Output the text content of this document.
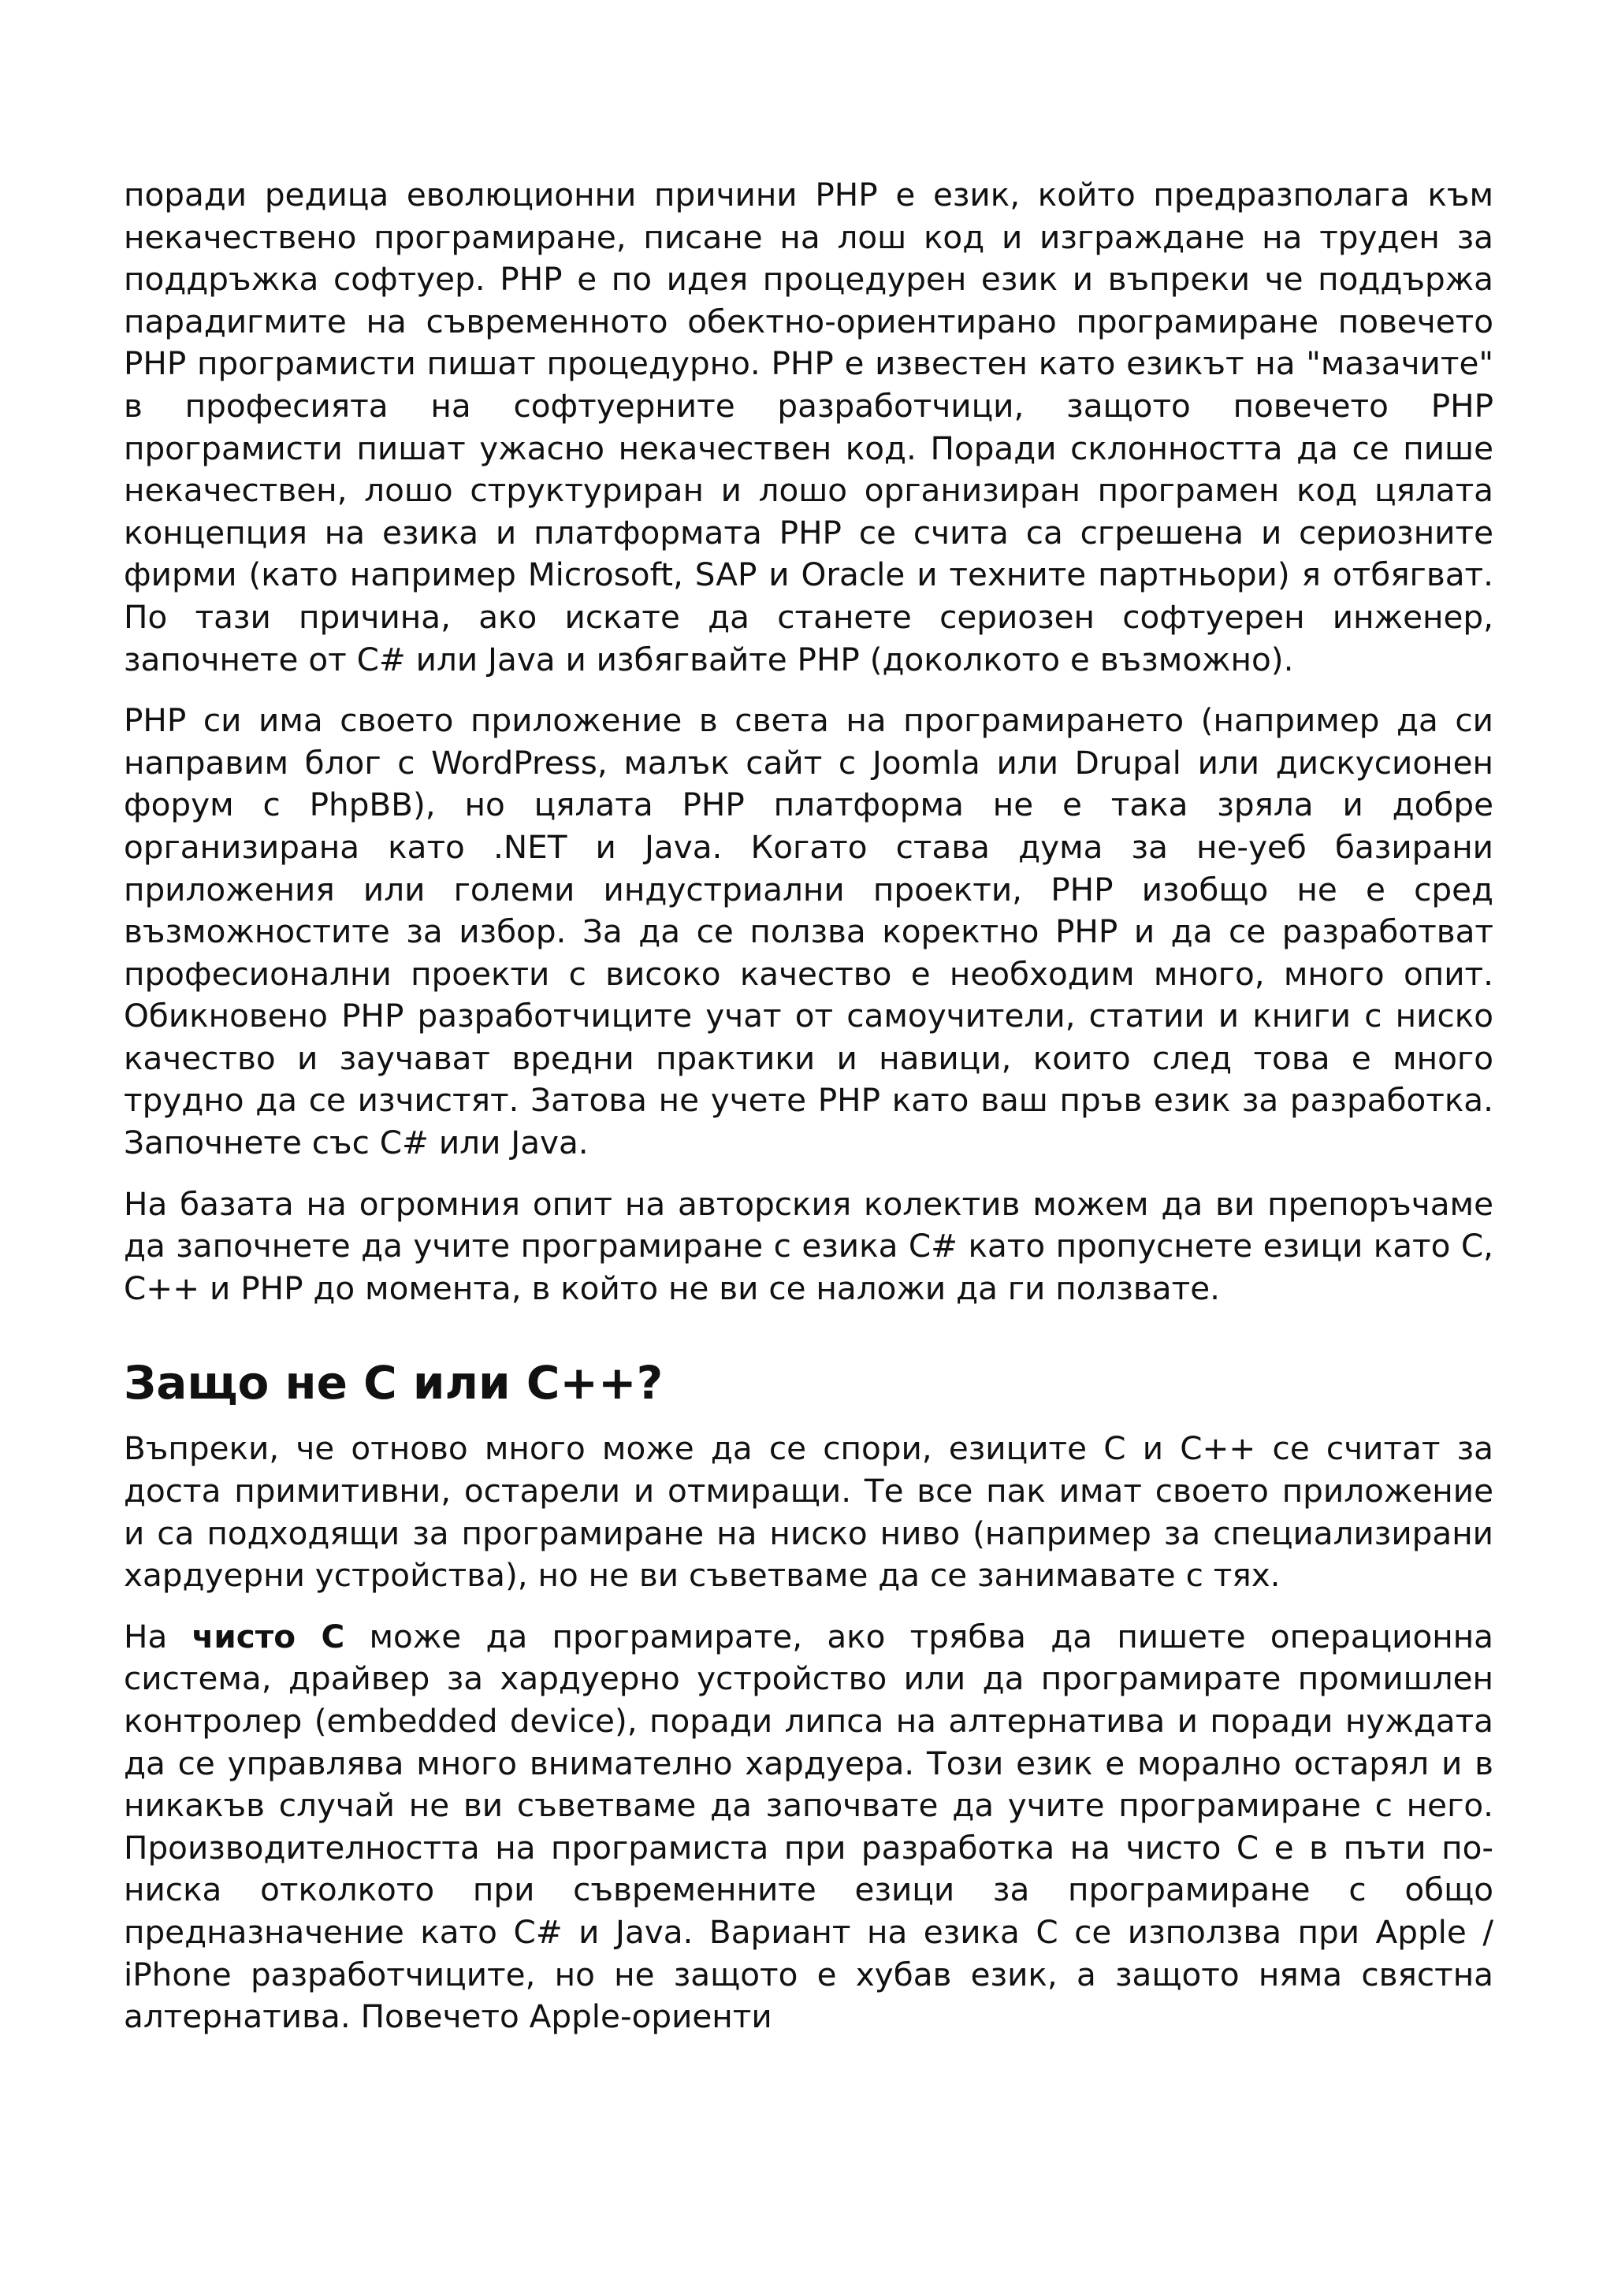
поради редица еволюционни причини PHP е език, който предразполага към некачествено програмиране, писане на лош код и изграждане на труден за поддръжка софтуер. PHP е по идея процедурен език и въпреки че поддържа парадигмите на съвременното обектно-ориентирано програмиране повечето PHP програмисти пишат процедурно. PHP е известен като езикът на "мазачите" в професията на софтуерните разработчици, защото повечето PHP програмисти пишат ужасно некачествен код. Поради склонността да се пише некачествен, лошо структуриран и лошо организиран програмен код цялата концепция на езика и платформата PHP се счита са сгрешена и сериозните фирми (като например Microsoft, SAP и Oracle и техните партньори) я отбягват. По тази причина, ако искате да станете сериозен софтуерен инженер, започнете от C# или Java и избягвайте PHP (доколкото е възможно).

PHP си има своето приложение в света на програмирането (например да си направим блог с WordPress, малък сайт с Joomla или Drupal или дискусионен форум с PhpBB), но цялата PHP платформа не е така зряла и добре организирана като .NET и Java. Когато става дума за не-уеб базирани приложения или големи индустриални проекти, PHP изобщо не е сред възможностите за избор. За да се ползва коректно PHP и да се разработват професионални проекти с високо качество е необходим много, много опит. Обикновено PHP разработчиците учат от самоучители, статии и книги с ниско качество и заучават вредни практики и навици, които след това е много трудно да се изчистят. Затова не учете PHP като ваш пръв език за разработка. Започнете със C# или Java.

На базата на огромния опит на авторския колектив можем да ви препоръчаме да започнете да учите програмиране с езика C# като пропуснете езици като C, C++ и PHP до момента, в който не ви се наложи да ги ползвате.

Защо не C или C++?

Въпреки, че отново много може да се спори, езиците C и C++ се считат за доста примитивни, остарели и отмиращи. Те все пак имат своето приложение и са подходящи за програмиране на ниско ниво (например за специализирани хардуерни устройства), но не ви съветваме да се занимавате с тях.

На чисто C може да програмирате, ако трябва да пишете операционна система, драйвер за хардуерно устройство или да програмирате промишлен контролер (embedded device), поради липса на алтернатива и поради нуждата да се управлява много внимателно хардуера. Този език е морално остарял и в никакъв случай не ви съветваме да започвате да учите програмиране с него. Производителността на програмиста при разработка на чисто C е в пъти по-ниска отколкото при съвременните езици за програмиране с общо предназначение като C# и Java. Вариант на езика C се използва при Apple / iPhone разработчиците, но не защото е хубав език, а защото няма свястна алтернатива. Повечето Apple-ориенти
